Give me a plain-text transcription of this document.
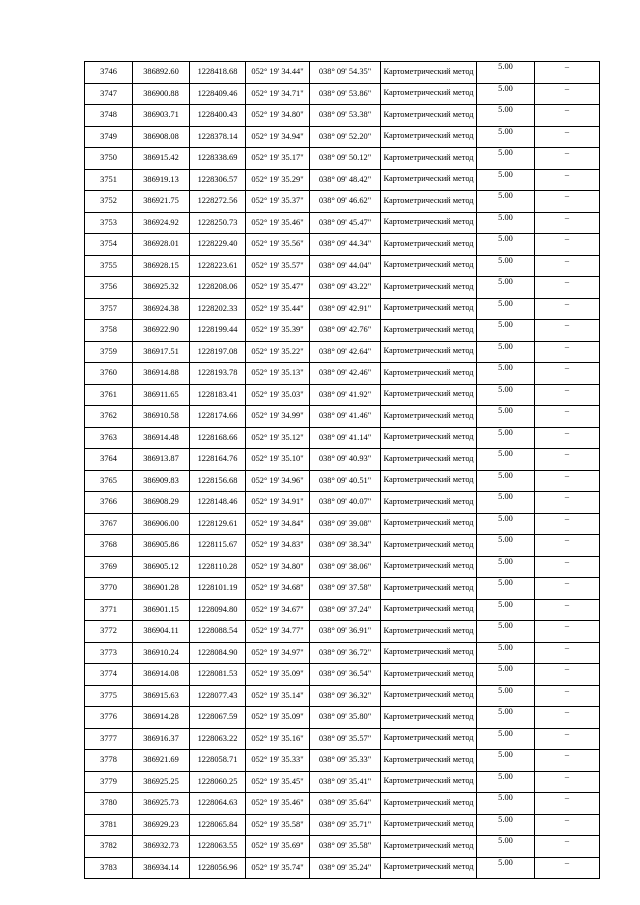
3746	386892.60	1228418.68	052° 19' 34.44"	038° 09' 54.35"	Картометрический метод	5.00	–
3747	386900.88	1228409.46	052° 19' 34.71"	038° 09' 53.86"	Картометрический метод	5.00	–
3748	386903.71	1228400.43	052° 19' 34.80"	038° 09' 53.38"	Картометрический метод	5.00	–
3749	386908.08	1228378.14	052° 19' 34.94"	038° 09' 52.20"	Картометрический метод	5.00	–
3750	386915.42	1228338.69	052° 19' 35.17"	038° 09' 50.12"	Картометрический метод	5.00	–
3751	386919.13	1228306.57	052° 19' 35.29"	038° 09' 48.42"	Картометрический метод	5.00	–
3752	386921.75	1228272.56	052° 19' 35.37"	038° 09' 46.62"	Картометрический метод	5.00	–
3753	386924.92	1228250.73	052° 19' 35.46"	038° 09' 45.47"	Картометрический метод	5.00	–
3754	386928.01	1228229.40	052° 19' 35.56"	038° 09' 44.34"	Картометрический метод	5.00	–
3755	386928.15	1228223.61	052° 19' 35.57"	038° 09' 44.04"	Картометрический метод	5.00	–
3756	386925.32	1228208.06	052° 19' 35.47"	038° 09' 43.22"	Картометрический метод	5.00	–
3757	386924.38	1228202.33	052° 19' 35.44"	038° 09' 42.91"	Картометрический метод	5.00	–
3758	386922.90	1228199.44	052° 19' 35.39"	038° 09' 42.76"	Картометрический метод	5.00	–
3759	386917.51	1228197.08	052° 19' 35.22"	038° 09' 42.64"	Картометрический метод	5.00	–
3760	386914.88	1228193.78	052° 19' 35.13"	038° 09' 42.46"	Картометрический метод	5.00	–
3761	386911.65	1228183.41	052° 19' 35.03"	038° 09' 41.92"	Картометрический метод	5.00	–
3762	386910.58	1228174.66	052° 19' 34.99"	038° 09' 41.46"	Картометрический метод	5.00	–
3763	386914.48	1228168.66	052° 19' 35.12"	038° 09' 41.14"	Картометрический метод	5.00	–
3764	386913.87	1228164.76	052° 19' 35.10"	038° 09' 40.93"	Картометрический метод	5.00	–
3765	386909.83	1228156.68	052° 19' 34.96"	038° 09' 40.51"	Картометрический метод	5.00	–
3766	386908.29	1228148.46	052° 19' 34.91"	038° 09' 40.07"	Картометрический метод	5.00	–
3767	386906.00	1228129.61	052° 19' 34.84"	038° 09' 39.08"	Картометрический метод	5.00	–
3768	386905.86	1228115.67	052° 19' 34.83"	038° 09' 38.34"	Картометрический метод	5.00	–
3769	386905.12	1228110.28	052° 19' 34.80"	038° 09' 38.06"	Картометрический метод	5.00	–
3770	386901.28	1228101.19	052° 19' 34.68"	038° 09' 37.58"	Картометрический метод	5.00	–
3771	386901.15	1228094.80	052° 19' 34.67"	038° 09' 37.24"	Картометрический метод	5.00	–
3772	386904.11	1228088.54	052° 19' 34.77"	038° 09' 36.91"	Картометрический метод	5.00	–
3773	386910.24	1228084.90	052° 19' 34.97"	038° 09' 36.72"	Картометрический метод	5.00	–
3774	386914.08	1228081.53	052° 19' 35.09"	038° 09' 36.54"	Картометрический метод	5.00	–
3775	386915.63	1228077.43	052° 19' 35.14"	038° 09' 36.32"	Картометрический метод	5.00	–
3776	386914.28	1228067.59	052° 19' 35.09"	038° 09' 35.80"	Картометрический метод	5.00	–
3777	386916.37	1228063.22	052° 19' 35.16"	038° 09' 35.57"	Картометрический метод	5.00	–
3778	386921.69	1228058.71	052° 19' 35.33"	038° 09' 35.33"	Картометрический метод	5.00	–
3779	386925.25	1228060.25	052° 19' 35.45"	038° 09' 35.41"	Картометрический метод	5.00	–
3780	386925.73	1228064.63	052° 19' 35.46"	038° 09' 35.64"	Картометрический метод	5.00	–
3781	386929.23	1228065.84	052° 19' 35.58"	038° 09' 35.71"	Картометрический метод	5.00	–
3782	386932.73	1228063.55	052° 19' 35.69"	038° 09' 35.58"	Картометрический метод	5.00	–
3783	386934.14	1228056.96	052° 19' 35.74"	038° 09' 35.24"	Картометрический метод	5.00	–
